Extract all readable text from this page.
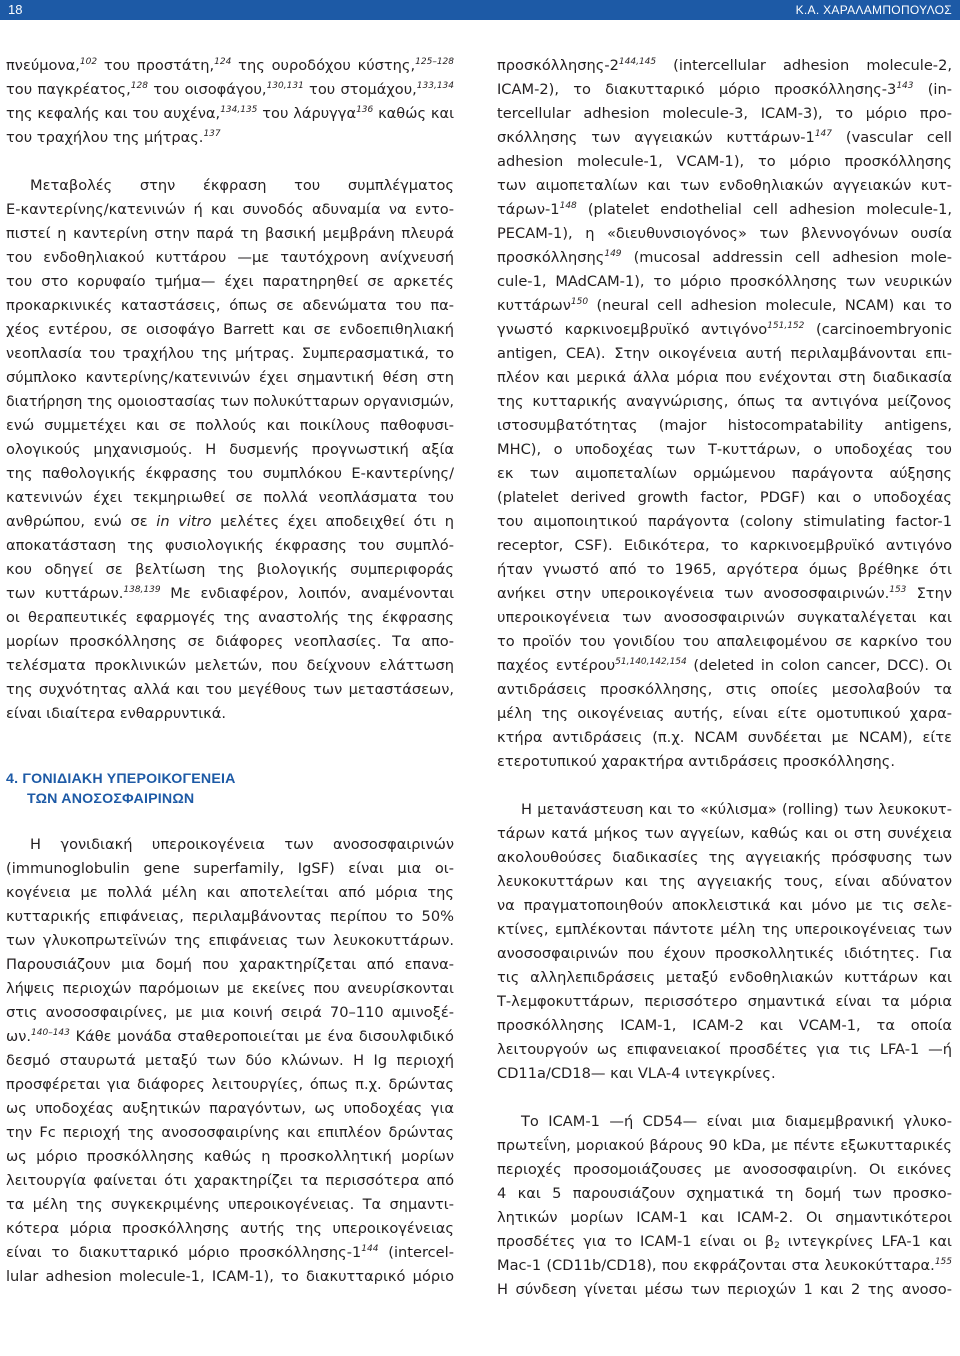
18	Κ.Α. ΧΑΡΑΛΑΜΠΟΠΟΥΛΟΣ
πνεύμονα,$^{102}$ του προστάτη,$^{124}$ της ουροδόχου κύστης,$^{125-128}$
του παγκρέατος,$^{128}$ του οισοφάγου,$^{130,131}$ του στομάχου,$^{133,134}$
της κεφαλής και του αυχένα,$^{134,135}$ του λάρυγγα$^{136}$ καθώς και
του τραχήλου της μήτρας.$^{137}$
Μεταβολές στην έκφραση του συμπλέγματος
Ε-καντερίνης/κατενινών ή και συνοδός αδυναμία να εντο-
πιστεί η καντερίνη στην παρά τη βασική μεμβράνη πλευρά
του ενδοθηλιακού κυττάρου —με ταυτόχρονη ανίχνευσή
του στο κορυφαίο τμήμα— έχει παρατηρηθεί σε αρκετές
προκαρκινικές καταστάσεις, όπως σε αδενώματα του πα-
χέος εντέρου, σε οισοφάγο Barrett και σε ενδοεπιθηλιακή
νεοπλασία του τραχήλου της μήτρας. Συμπερασματικά, το
σύμπλοκο καντερίνης/κατενινών έχει σημαντική θέση στη
διατήρηση της ομοιοστασίας των πολυκύτταρων οργανισμών,
ενώ συμμετέχει και σε πολλούς και ποικίλους παθοφυσι-
ολογικούς μηχανισμούς. Η δυσμενής προγνωστική αξία
της παθολογικής έκφρασης του συμπλόκου Ε-καντερίνης/
κατενινών έχει τεκμηριωθεί σε πολλά νεοπλάσματα του
ανθρώπου, ενώ σε in vitro μελέτες έχει αποδειχθεί ότι η
αποκατάσταση της φυσιολογικής έκφρασης του συμπλό-
κου οδηγεί σε βελτίωση της βιολογικής συμπεριφοράς
των κυττάρων.$^{138,139}$ Με ενδιαφέρον, λοιπόν, αναμένονται
οι θεραπευτικές εφαρμογές της αναστολής της έκφρασης
μορίων προσκόλλησης σε διάφορες νεοπλασίες. Τα απο-
τελέσματα προκλινικών μελετών, που δείχνουν ελάττωση
της συχνότητας αλλά και του μεγέθους των μεταστάσεων,
είναι ιδιαίτερα ενθαρρυντικά.
4. ΓΟΝΙΔΙΑΚΗ ΥΠΕΡΟΙΚΟΓΕΝΕΙΑ
ΤΩΝ ΑΝΟΣΟΣΦΑΙΡΙΝΩΝ
Η γονιδιακή υπεροικογένεια των ανοσοσφαιρινών
(immunoglobulin gene superfamily, IgSF) είναι μια οι-
κογένεια με πολλά μέλη και αποτελείται από μόρια της
κυτταρικής επιφάνειας, περιλαμβάνοντας περίπου το 50%
των γλυκοπρωτεϊνών της επιφάνειας των λευκοκυττάρων.
Παρουσιάζουν μια δομή που χαρακτηρίζεται από επανα-
λήψεις περιοχών παρόμοιων με εκείνες που ανευρίσκονται
στις ανοσοσφαιρίνες, με μια κοινή σειρά 70–110 αμινοξέ-
ων.$^{140-143}$ Κάθε μονάδα σταθεροποιείται με ένα δισουλφιδικό
δεσμό σταυρωτά μεταξύ των δύο κλώνων. Η Ig περιοχή
προσφέρεται για διάφορες λειτουργίες, όπως π.χ. δρώντας
ως υποδοχέας αυξητικών παραγόντων, ως υποδοχέας για
την Fc περιοχή της ανοσοσφαιρίνης και επιπλέον δρώντας
ως μόριο προσκόλλησης καθώς η προσκολλητική μορίων
λειτουργία φαίνεται ότι χαρακτηρίζει τα περισσότερα από
τα μέλη της συγκεκριμένης υπεροικογένειας. Τα σημαντι-
κότερα μόρια προσκόλλησης αυτής της υπεροικογένειας
είναι το διακυτταρικό μόριο προσκόλλησης-$1^{144}$ (intercel-
lular adhesion molecule-1, ICAM-1), το διακυτταρικό μόριο
προσκόλλησης-2$^{144,145}$ (intercellular adhesion molecule-2,
ICAM-2), το διακυτταρικό μόριο προσκόλλησης-$3^{143}$ (in-
tercellular adhesion molecule-3, ICAM-3), το μόριο προ-
σκόλλησης των αγγειακών κυττάρων-$1^{147}$ (vascular cell
adhesion molecule-1, VCAM-1), το μόριο προσκόλλησης
των αιμοπεταλίων και των ενδοθηλιακών αγγειακών κυτ-
τάρων-$1^{148}$ (platelet endothelial cell adhesion molecule-1,
PECAM-1), η «διευθυνσιογόνος» των βλεννογόνων ουσία
προσκόλλησης$^{149}$ (mucosal addressin cell adhesion mole-
cule-1, MAdCAM-1), το μόριο προσκόλλησης των νευρικών
κυττάρων$^{150}$ (neural cell adhesion molecule, NCAM) και το
γνωστό καρκινοεμβρυϊκό αντιγόνο$^{151,152}$ (carcinoembryonic
antigen, CEA). Στην οικογένεια αυτή περιλαμβάνονται επι-
πλέον και μερικά άλλα μόρια που ενέχονται στη διαδικασία
της κυτταρικής αναγνώρισης, όπως τα αντιγόνα μείζονος
ιστοσυμβατότητας (major histocompatability antigens,
MHC), ο υποδοχέας των Τ-κυττάρων, ο υποδοχέας του
εκ των αιμοπεταλίων ορμώμενου παράγοντα αύξησης
(platelet derived growth factor, PDGF) και ο υποδοχέας
του αιμοποιητικού παράγοντα (colony stimulating factor-1
receptor, CSF). Ειδικότερα, το καρκινοεμβρυϊκό αντιγόνο
ήταν γνωστό από το 1965, αργότερα όμως βρέθηκε ότι
ανήκει στην υπεροικογένεια των ανοσοσφαιρινών.$^{153}$ Στην
υπεροικογένεια των ανοσοσφαιρινών συγκαταλέγεται και
το προϊόν του γονιδίου του απαλειφομένου σε καρκίνο του
παχέος εντέρου$^{51,140,142,154}$ (deleted in colon cancer, DCC). Οι
αντιδράσεις προσκόλλησης, στις οποίες μεσολαβούν τα
μέλη της οικογένειας αυτής, είναι είτε ομοτυπικού χαρα-
κτήρα αντιδράσεις (π.χ. NCAM συνδέεται με NCAM), είτε
ετεροτυπικού χαρακτήρα αντιδράσεις προσκόλλησης.
Η μετανάστευση και το «κύλισμα» (rolling) των λευκοκυτ-
τάρων κατά μήκος των αγγείων, καθώς και οι στη συνέχεια
ακολουθούσες διαδικασίες της αγγειακής πρόσφυσης των
λευκοκυττάρων και της αγγειακής τους, είναι αδύνατον
να πραγματοποιηθούν αποκλειστικά και μόνο με τις σελε-
κτίνες, εμπλέκονται πάντοτε μέλη της υπεροικογένειας των
ανοσοσφαιρινών που έχουν προσκολλητικές ιδιότητες. Για
τις αλληλεπιδράσεις μεταξύ ενδοθηλιακών κυττάρων και
Τ-λεμφοκυττάρων, περισσότερο σημαντικά είναι τα μόρια
προσκόλλησης ICAM-1, ICAM-2 και VCAM-1, τα οποία
λειτουργούν ως επιφανειακοί προσδέτες για τις LFA-1 —ή
CD11a/CD18— και VLA-4 ιντεγκρίνες.
Το ICAM-1 —ή CD54— είναι μια διαμεμβρανική γλυκο-
πρωτεΐνη, μοριακού βάρους 90 kDa, με πέντε εξωκυτταρικές
περιοχές προσομοιάζουσες με ανοσοσφαιρίνη. Οι εικόνες
4 και 5 παρουσιάζουν σχηματικά τη δομή των προσκο-
λητικών μορίων ICAM-1 και ICAM-2. Οι σημαντικότεροι
προσδέτες για το ICAM-1 είναι οι $\beta_2$ ιντεγκρίνες LFA-1 και
Mac-1 (CD11b/CD18), που εκφράζονται στα λευκοκύτταρα.$^{155}$
Η σύνδεση γίνεται μέσω των περιοχών 1 και 2 της ανοσο-
